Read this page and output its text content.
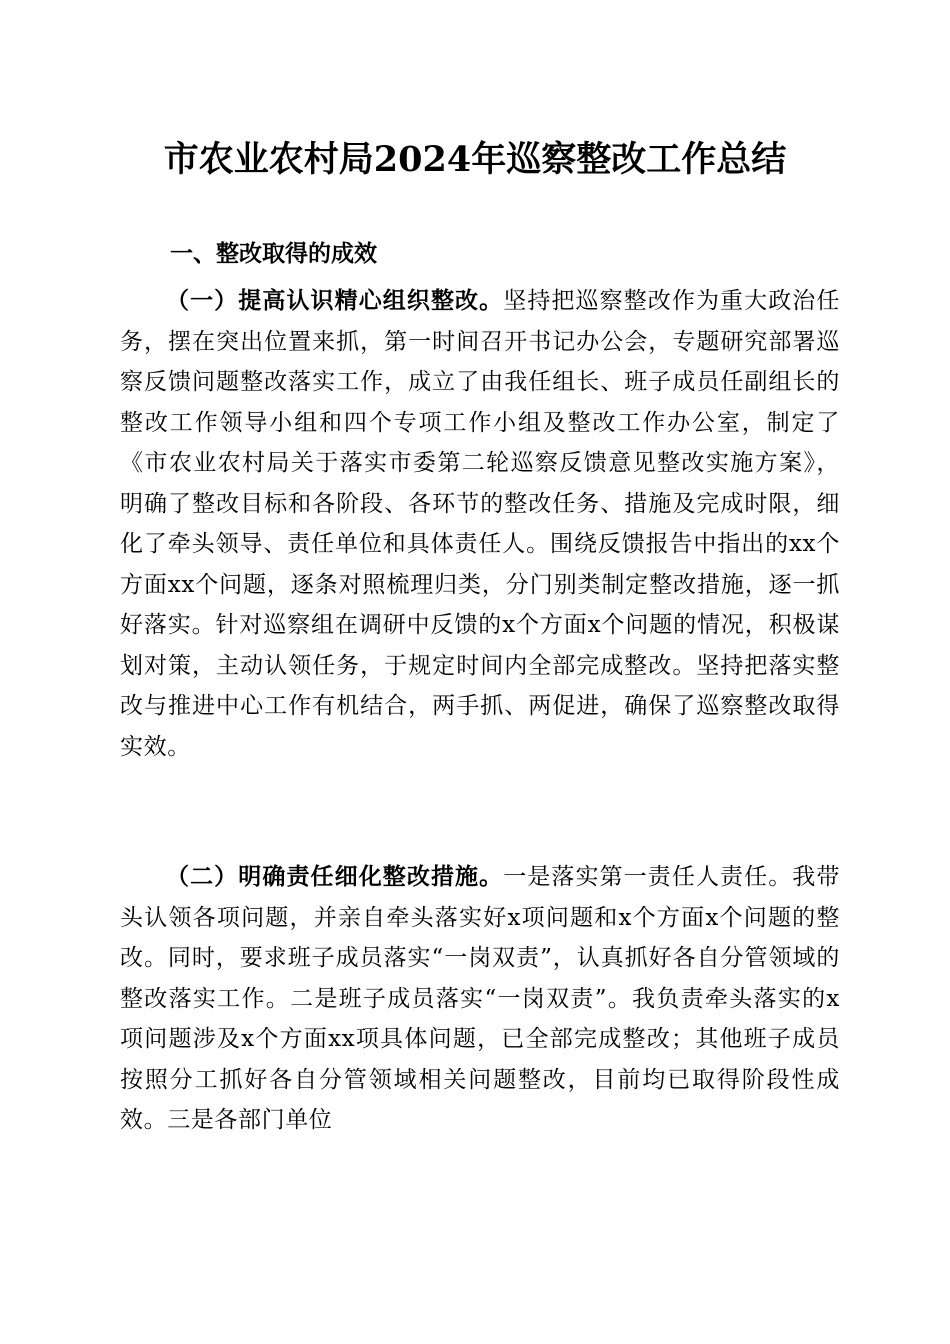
市农业农村局2024年巡察整改工作总结
一、整改取得的成效
（一）提高认识精心组织整改。坚持把巡察整改作为重大政治任务，摆在突出位置来抓，第一时间召开书记办公会，专题研究部署巡察反馈问题整改落实工作，成立了由我任组长、班子成员任副组长的整改工作领导小组和四个专项工作小组及整改工作办公室，制定了《市农业农村局关于落实市委第二轮巡察反馈意见整改实施方案》，明确了整改目标和各阶段、各环节的整改任务、措施及完成时限，细化了牵头领导、责任单位和具体责任人。围绕反馈报告中指出的xx个方面xx个问题，逐条对照梳理归类，分门别类制定整改措施，逐一抓好落实。针对巡察组在调研中反馈的x个方面x个问题的情况，积极谋划对策，主动认领任务，于规定时间内全部完成整改。坚持把落实整改与推进中心工作有机结合，两手抓、两促进，确保了巡察整改取得实效。
（二）明确责任细化整改措施。一是落实第一责任人责任。我带头认领各项问题，并亲自牵头落实好x项问题和x个方面x个问题的整改。同时，要求班子成员落实“一岗双责”，认真抓好各自分管领域的整改落实工作。二是班子成员落实“一岗双责”。我负责牵头落实的x项问题涉及x个方面xx项具体问题，已全部完成整改；其他班子成员按照分工抓好各自分管领域相关问题整改，目前均已取得阶段性成效。三是各部门单位
